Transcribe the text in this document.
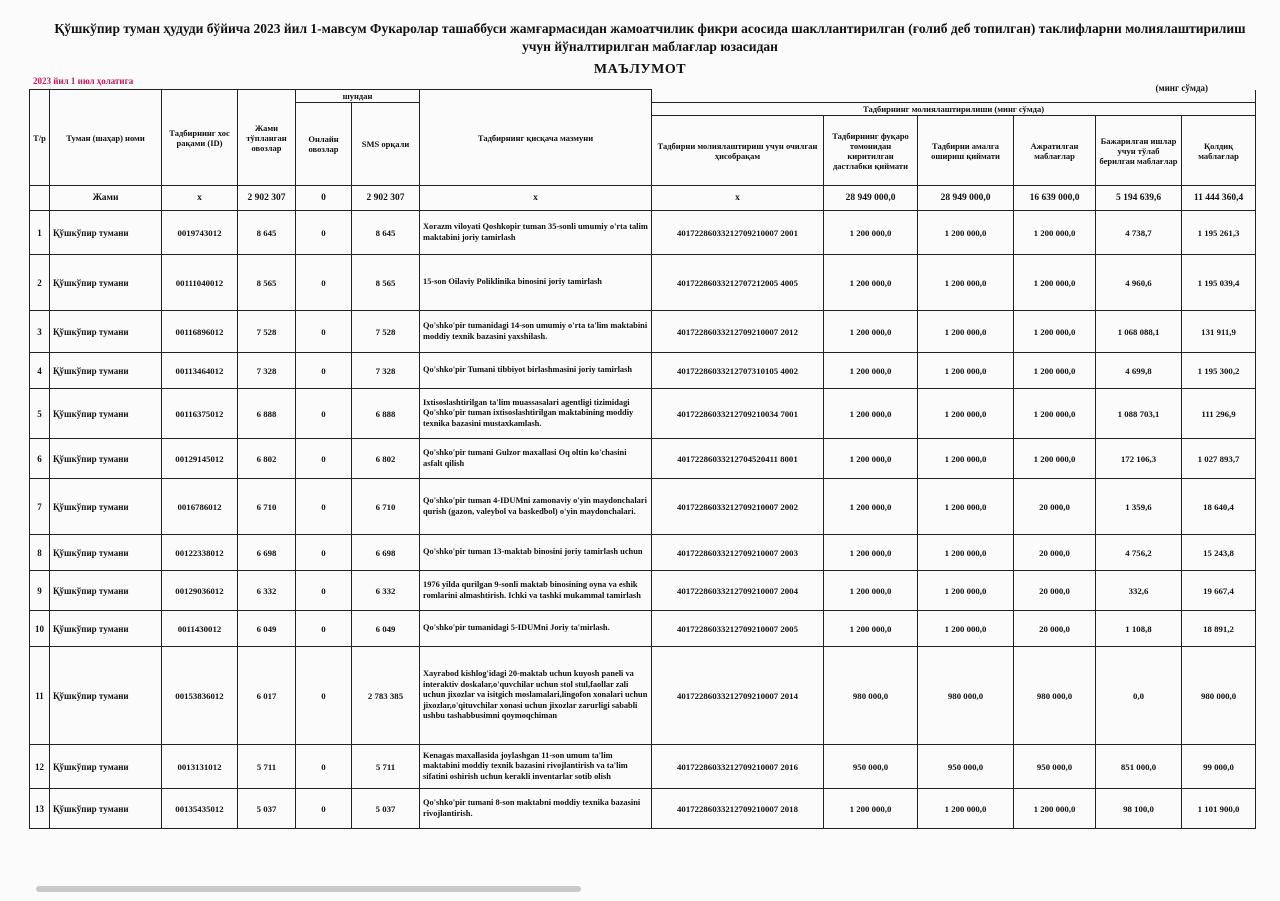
Қўшкўпир туман ҳудуди бўйича 2023 йил 1-мавсум Фукаролар ташаббуси жамғармасидан жамоатчилик фикри асосида шакллантирилган (ғолиб деб топилган) таклифларни молиялаштирилиш учун йўналтирилган маблағлар юзасидан
МАЪЛУМОТ
2023 йил 1 июл ҳолатига
(минг сўмда)
Т/р	Туман (шаҳар) номи	Тадбирнинг хос рақами (ID)	Жами тўпланган овозлар	шундан		Тадбирнинг қисқача мазмуни						
				Онлайн овозлар	SMS орқали		Тадбирнинг молиялаштирилиши (минг сўмда)					
							Тадбирни молиялаштириш учун очилган ҳисобрақам	Тадбирнинг фуқаро томонидан киритилган дастлабки қиймати	Тадбирни амалга ошириш қиймати	Ажратилган маблағлар	Бажарилган ишлар учун тўлаб берилган маблағлар	Қолдиқ маблағлар
	Жами	x	2 902 307	0	2 902 307	x	x	28 949 000,0	28 949 000,0	16 639 000,0	5 194 639,6	11 444 360,4
1	Қўшкўпир тумани	0019743012	8 645	0	8 645	Xorazm viloyati Qoshkopir tuman 35-sonli umumiy o'rta talim maktabini joriy tamirlash	40172286033212709210007 2001	1 200 000,0	1 200 000,0	1 200 000,0	4 738,7	1 195 261,3
2	Қўшкўпир тумани	00111040012	8 565	0	8 565	15-son Oilaviy Poliklinika binosini joriy tamirlash	40172286033212707212005 4005	1 200 000,0	1 200 000,0	1 200 000,0	4 960,6	1 195 039,4
3	Қўшкўпир тумани	00116896012	7 528	0	7 528	Qo'shko'pir tumanidagi 14-son umumiy o'rta ta'lim maktabini moddiy texnik bazasini yaxshilash.	40172286033212709210007 2012	1 200 000,0	1 200 000,0	1 200 000,0	1 068 088,1	131 911,9
4	Қўшкўпир тумани	00113464012	7 328	0	7 328	Qo'shko'pir Tumani tibbiyot birlashmasini joriy tamirlash	40172286033212707310105 4002	1 200 000,0	1 200 000,0	1 200 000,0	4 699,8	1 195 300,2
5	Қўшкўпир тумани	00116375012	6 888	0	6 888	Ixtisoslashtirilgan ta'lim muassasalari agentligi tizimidagi Qo'shko'pir tuman ixtisoslashtirilgan maktabining moddiy texnika bazasini mustaxkamlash.	40172286033212709210034 7001	1 200 000,0	1 200 000,0	1 200 000,0	1 088 703,1	111 296,9
6	Қўшкўпир тумани	00129145012	6 802	0	6 802	Qo'shko'pir tumani Gulzor maxallasi Oq oltin ko'chasini asfalt qilish	40172286033212704520411 8001	1 200 000,0	1 200 000,0	1 200 000,0	172 106,3	1 027 893,7
7	Қўшкўпир тумани	0016786012	6 710	0	6 710	Qo'shko'pir tuman 4-IDUMni zamonaviy o'yin maydonchalari qurish (gazon, valeybol va baskedbol) o'yin maydonchalari.	40172286033212709210007 2002	1 200 000,0	1 200 000,0	20 000,0	1 359,6	18 640,4
8	Қўшкўпир тумани	00122338012	6 698	0	6 698	Qo'shko'pir tuman 13-maktab binosini joriy tamirlash uchun	40172286033212709210007 2003	1 200 000,0	1 200 000,0	20 000,0	4 756,2	15 243,8
9	Қўшкўпир тумани	00129036012	6 332	0	6 332	1976 yilda qurilgan 9-sonli maktab binosining oyna va eshik romlarini almashtirish. Ichki va tashki mukammal tamirlash	40172286033212709210007 2004	1 200 000,0	1 200 000,0	20 000,0	332,6	19 667,4
10	Қўшкўпир тумани	0011430012	6 049	0	6 049	Qo'shko'pir tumanidagi 5-IDUMni Joriy ta'mirlash.	40172286033212709210007 2005	1 200 000,0	1 200 000,0	20 000,0	1 108,8	18 891,2
11	Қўшкўпир тумани	00153836012	6 017	0	2 783 385	Xayrabod kishlog'idagi 20-maktab uchun kuyosh paneli va interaktiv doskalar,o'quvchilar uchun stol stul,faollar zali uchun jixozlar va isitgich moslamalari,lingofon xonalari uchun jixozlar,o'qituvchilar xonasi uchun jixozlar zarurligi sababli ushbu tashabbusimni qoymoqchiman	40172286033212709210007 2014	980 000,0	980 000,0	980 000,0	0,0	980 000,0
12	Қўшкўпир тумани	0013131012	5 711	0	5 711	Kenagas maxallasida joylashgan 11-son umum ta'lim maktabini moddiy texnik bazasini rivojlantirish va ta'lim sifatini oshirish uchun kerakli inventarlar sotib olish	40172286033212709210007 2016	950 000,0	950 000,0	950 000,0	851 000,0	99 000,0
13	Қўшкўпир тумани	00135435012	5 037	0	5 037	Qo'shko'pir tumani 8-son maktabni moddiy texnika bazasini rivojlantirish.	40172286033212709210007 2018	1 200 000,0	1 200 000,0	1 200 000,0	98 100,0	1 101 900,0
